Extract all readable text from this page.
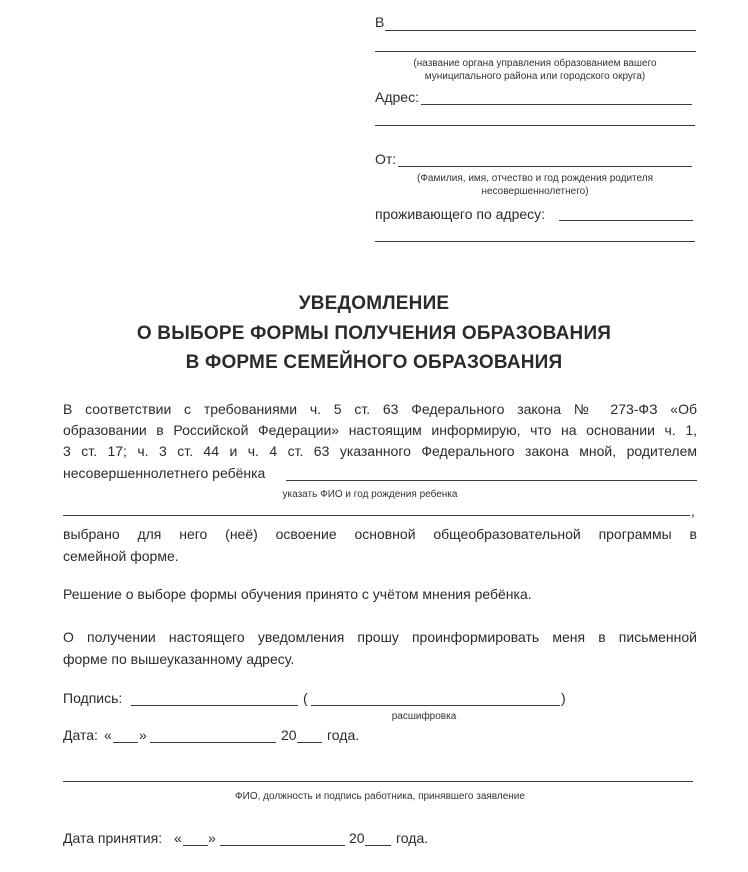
В
(название органа управления образованием вашего муниципального района или городского округа)
Адрес:
От:
(Фамилия, имя, отчество и год рождения родителя несовершеннолетнего)
проживающего по адресу:
УВЕДОМЛЕНИЕ
О ВЫБОРЕ ФОРМЫ ПОЛУЧЕНИЯ ОБРАЗОВАНИЯ
В ФОРМЕ СЕМЕЙНОГО ОБРАЗОВАНИЯ
В соответствии с требованиями ч. 5 ст. 63 Федерального закона № 273-ФЗ «Об
образовании в Российской Федерации» настоящим информирую, что на основании ч. 1,
3 ст. 17; ч. 3 ст. 44 и ч. 4 ст. 63 указанного Федерального закона мной, родителем
несовершеннолетнего ребёнка
указать ФИО и год рождения ребенка
,
выбрано для него (неё) освоение основной общеобразовательной программы в
семейной форме.
Решение о выборе формы обучения принято с учётом мнения ребёнка.
О получении настоящего уведомления прошу проинформировать меня в письменной
форме по вышеуказанному адресу.
Подпись:	(	)
расшифровка
Дата: « »	20 года.
ФИО, должность и подпись работника, принявшего заявление
Дата принятия: « »	20 года.
